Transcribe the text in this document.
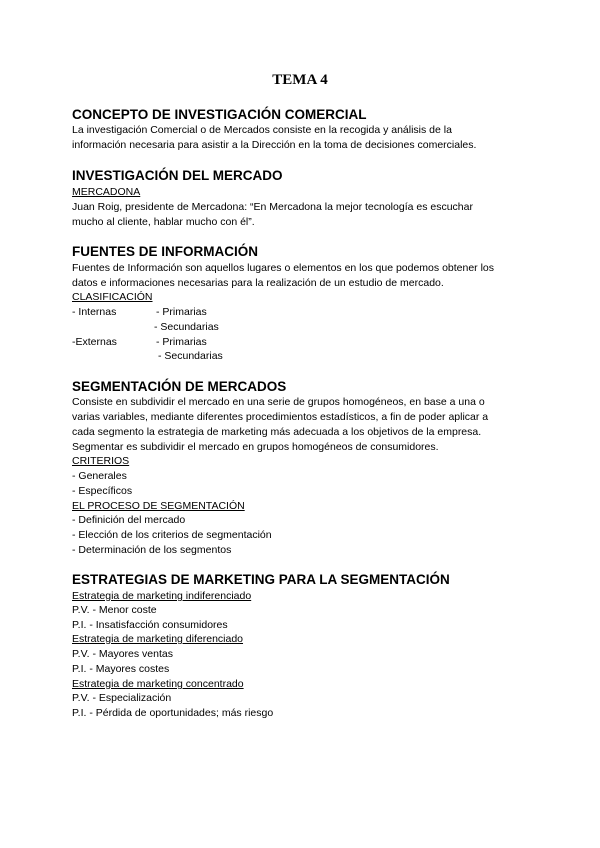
TEMA 4
CONCEPTO DE INVESTIGACIÓN COMERCIAL
La investigación Comercial o de Mercados consiste en la recogida y análisis de la
información necesaria para asistir a la Dirección en la toma de decisiones comerciales.
INVESTIGACIÓN DEL MERCADO
MERCADONA
Juan Roig, presidente de Mercadona: “En Mercadona la mejor tecnología es escuchar
mucho al cliente, hablar mucho con él”.
FUENTES DE INFORMACIÓN
Fuentes de Información son aquellos lugares o elementos en los que podemos obtener los
datos e informaciones necesarias para la realización de un estudio de mercado.
CLASIFICACIÓN
- Internas	- Primarias
- Secundarias
-Externas	- Primarias
- Secundarias
SEGMENTACIÓN DE MERCADOS
Consiste en subdividir el mercado en una serie de grupos homogéneos, en base a una o
varias variables, mediante diferentes procedimientos estadísticos, a fin de poder aplicar a
cada segmento la estrategia de marketing más adecuada a los objetivos de la empresa.
Segmentar es subdividir el mercado en grupos homogéneos de consumidores.
CRITERIOS
- Generales
- Específicos
EL PROCESO DE SEGMENTACIÓN
- Definición del mercado
- Elección de los criterios de segmentación
- Determinación de los segmentos
ESTRATEGIAS DE MARKETING PARA LA SEGMENTACIÓN
Estrategia de marketing indiferenciado
P.V. - Menor coste
P.I. - Insatisfacción consumidores
Estrategia de marketing diferenciado
P.V. - Mayores ventas
P.I. - Mayores costes
Estrategia de marketing concentrado
P.V. - Especialización
P.I. - Pérdida de oportunidades; más riesgo
